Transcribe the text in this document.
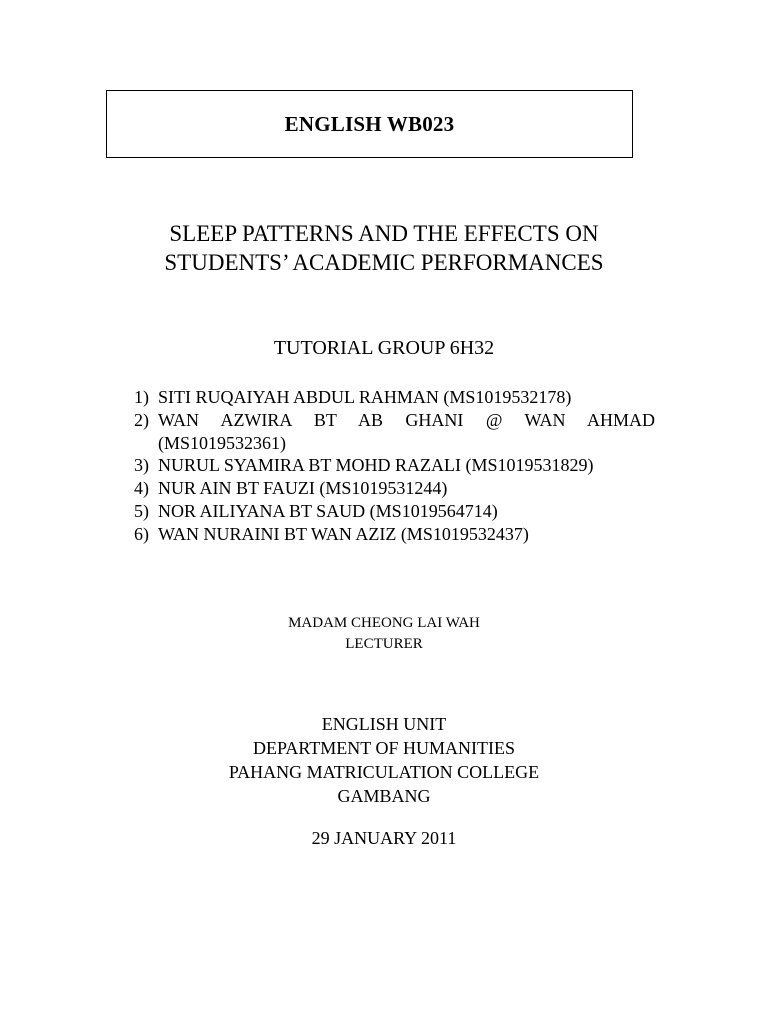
ENGLISH WB023
SLEEP PATTERNS AND THE EFFECTS ON
STUDENTS’ ACADEMIC PERFORMANCES
TUTORIAL GROUP 6H32
1) SITI RUQAIYAH ABDUL RAHMAN (MS1019532178)
2) WAN AZWIRA BT AB GHANI @ WAN AHMAD
(MS1019532361)
3) NURUL SYAMIRA BT MOHD RAZALI (MS1019531829)
4) NUR AIN BT FAUZI (MS1019531244)
5) NOR AILIYANA BT SAUD (MS1019564714)
6) WAN NURAINI BT WAN AZIZ (MS1019532437)
MADAM CHEONG LAI WAH
LECTURER
ENGLISH UNIT
DEPARTMENT OF HUMANITIES
PAHANG MATRICULATION COLLEGE
GAMBANG
29 JANUARY 2011
